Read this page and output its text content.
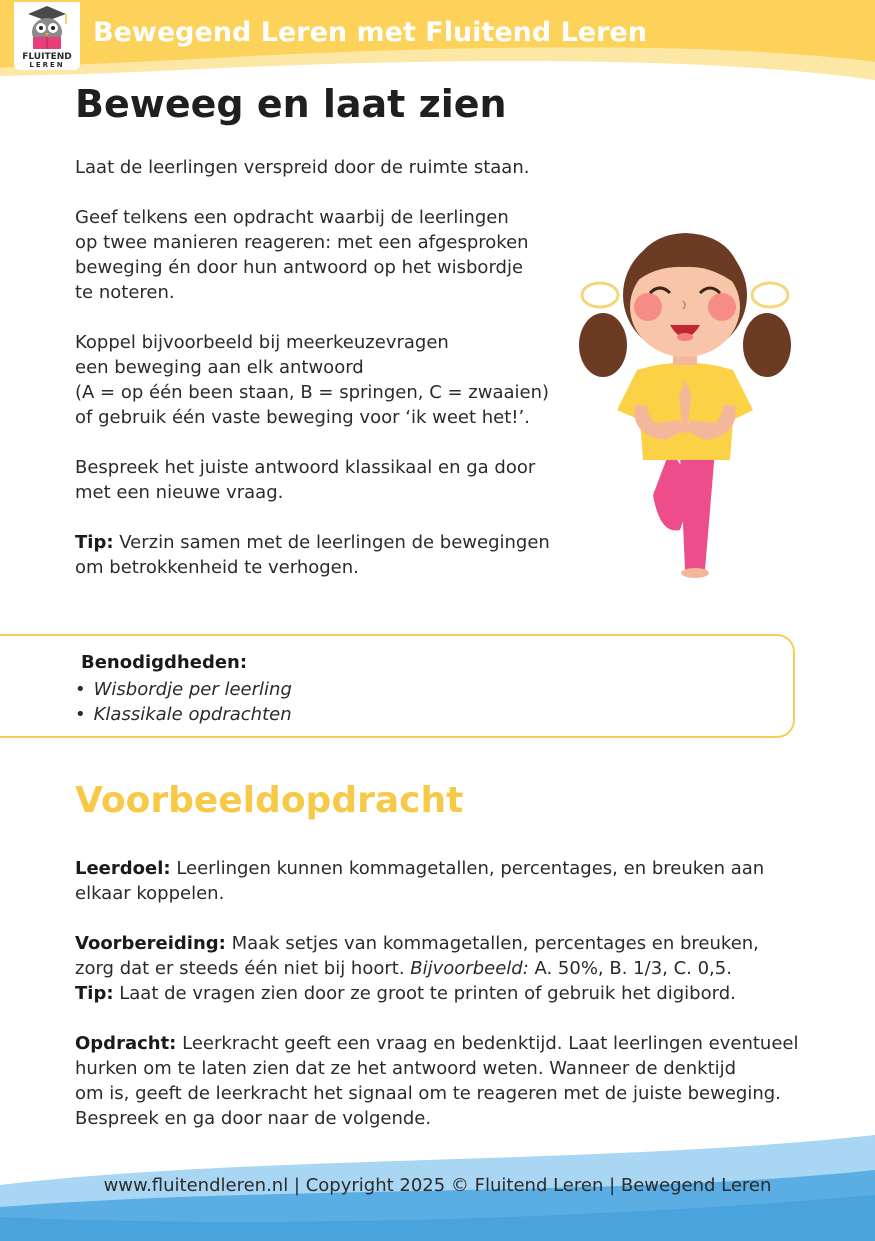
FLUITEND
LEREN
Bewegend Leren met Fluitend Leren
Beweeg en laat zien

Laat de leerlingen verspreid door de ruimte staan.

Geef telkens een opdracht waarbij de leerlingen
op twee manieren reageren: met een afgesproken
beweging én door hun antwoord op het wisbordje
te noteren.

Koppel bijvoorbeeld bij meerkeuzevragen
een beweging aan elk antwoord
(A = op één been staan, B = springen, C = zwaaien)
of gebruik één vaste beweging voor ‘ik weet het!’.

Bespreek het juiste antwoord klassikaal en ga door
met een nieuwe vraag.

Tip: Verzin samen met de leerlingen de bewegingen
om betrokkenheid te verhogen.

Benodigdheden:
• Wisbordje per leerling
• Klassikale opdrachten
Voorbeeldopdracht

Leerdoel: Leerlingen kunnen kommagetallen, percentages, en breuken aan
elkaar koppelen.

Voorbereiding: Maak setjes van kommagetallen, percentages en breuken,
zorg dat er steeds één niet bij hoort. Bijvoorbeeld: A. 50%, B. 1/3, C. 0,5.
Tip: Laat de vragen zien door ze groot te printen of gebruik het digibord.

Opdracht: Leerkracht geeft een vraag en bedenktijd. Laat leerlingen eventueel
hurken om te laten zien dat ze het antwoord weten. Wanneer de denktijd
om is, geeft de leerkracht het signaal om te reageren met de juiste beweging.
Bespreek en ga door naar de volgende.

www.fluitendleren.nl | Copyright 2025 © Fluitend Leren | Bewegend Leren
